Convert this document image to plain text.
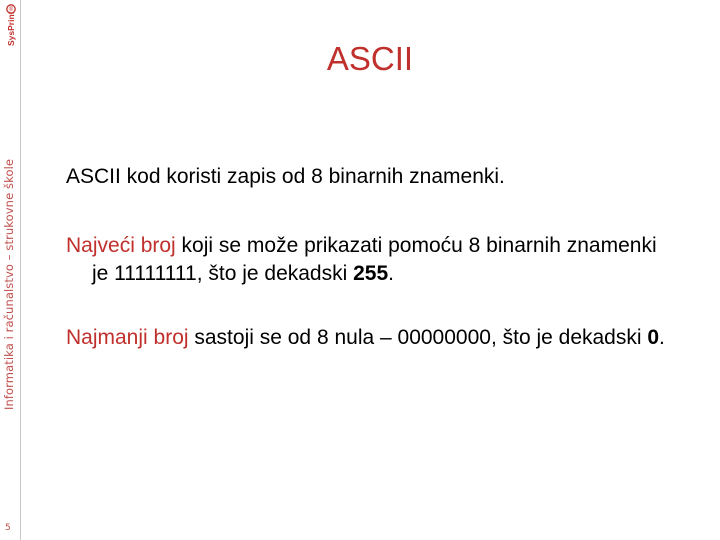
®
SysPrint
Informatika i računalstvo – strukovne škole
5
ASCII
ASCII kod koristi zapis od 8 binarnih znamenki.
Najveći broj koji se može prikazati pomoću 8 binarnih znamenki je 11111111, što je dekadski 255.
Najmanji broj sastoji se od 8 nula – 00000000, što je dekadski 0.
